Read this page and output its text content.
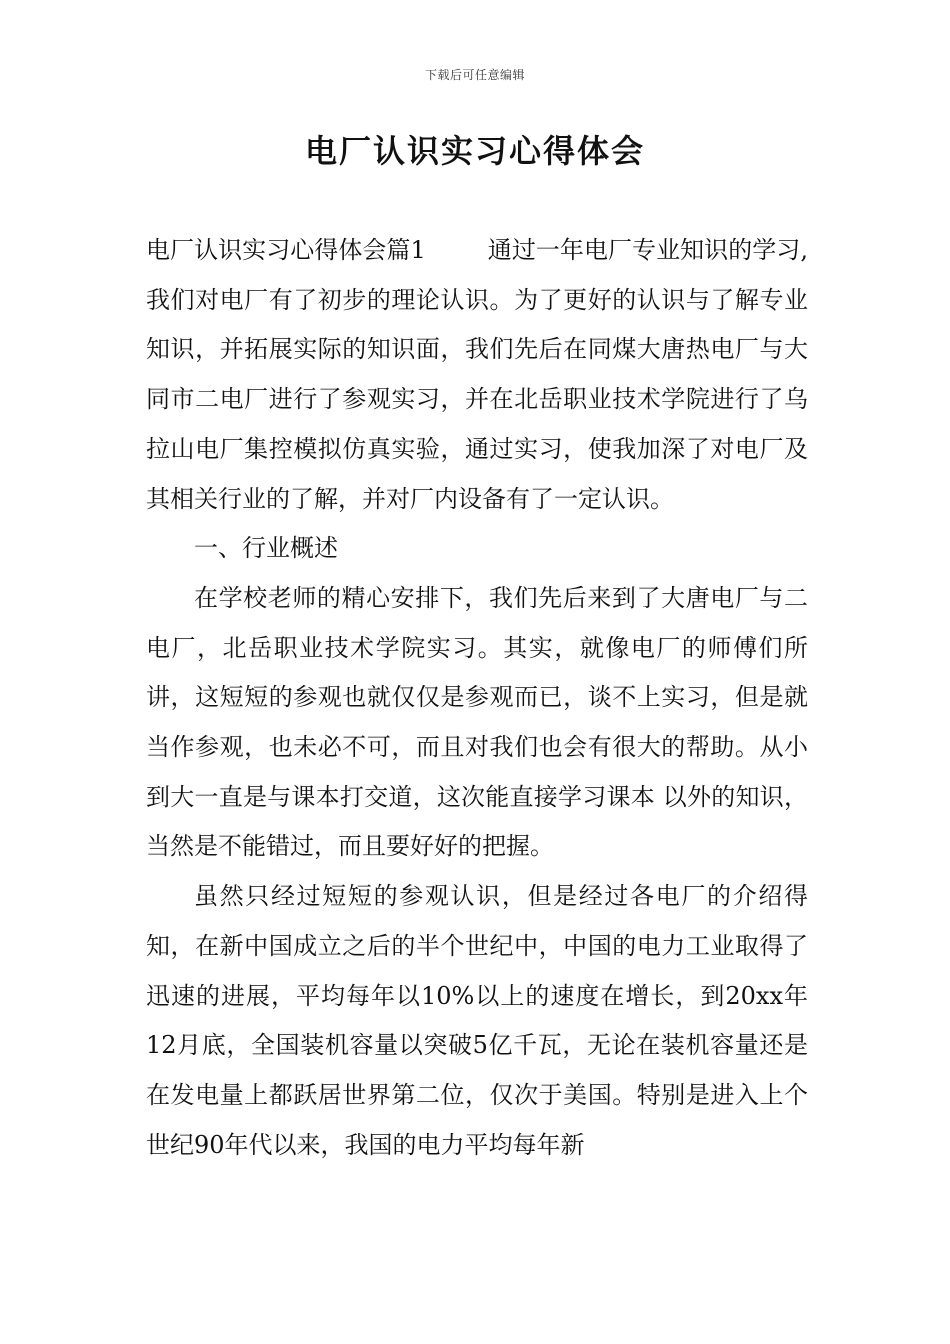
下载后可任意编辑
电厂认识实习心得体会

电厂认识实习心得体会篇1	通过一年电厂专业知识的学习,我们对电厂有了初步的理论认识。为了更好的认识与了解专业知识，并拓展实际的知识面，我们先后在同煤大唐热电厂与大同市二电厂进行了参观实习，并在北岳职业技术学院进行了乌拉山电厂集控模拟仿真实验，通过实习，使我加深了对电厂及其相关行业的了解，并对厂内设备有了一定认识。

一、行业概述

在学校老师的精心安排下，我们先后来到了大唐电厂与二电厂，北岳职业技术学院实习。其实，就像电厂的师傅们所讲，这短短的参观也就仅仅是参观而已，谈不上实习，但是就当作参观，也未必不可，而且对我们也会有很大的帮助。从小到大一直是与课本打交道，这次能直接学习课本 以外的知识，当然是不能错过，而且要好好的把握。

虽然只经过短短的参观认识，但是经过各电厂的介绍得知，在新中国成立之后的半个世纪中，中国的电力工业取得了迅速的进展，平均每年以10%以上的速度在增长，到20xx年12月底，全国装机容量以突破5亿千瓦，无论在装机容量还是在发电量上都跃居世界第二位，仅次于美国。特别是进入上个世纪90年代以来，我国的电力平均每年新
